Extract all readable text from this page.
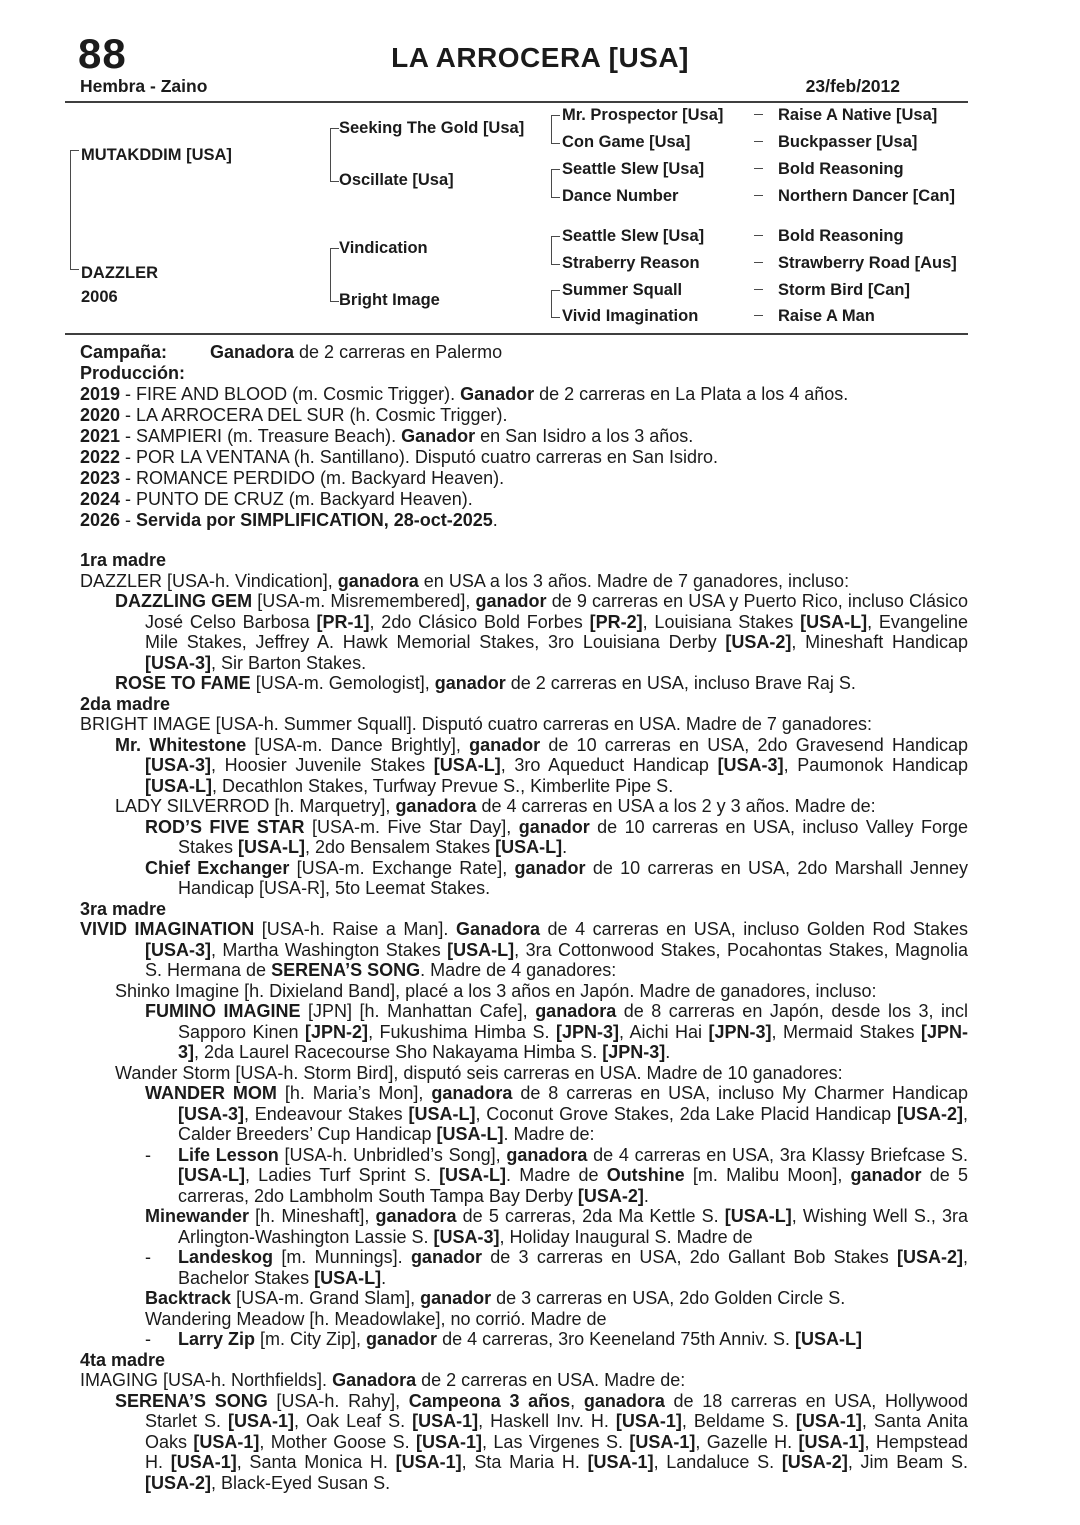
88	LA ARROCERA [USA]
Hembra - Zaino	23/feb/2012
MUTAKDDIM [USA]
DAZZLER
2006
Seeking The Gold [Usa]
Oscillate [Usa]
Vindication
Bright Image
Mr. Prospector [Usa]
Con Game [Usa]
Seattle Slew [Usa]
Dance Number
Seattle Slew [Usa]
Straberry Reason
Summer Squall
Vivid Imagination
Raise A Native [Usa]
Buckpasser [Usa]
Bold Reasoning
Northern Dancer [Can]
Bold Reasoning
Strawberry Road [Aus]
Storm Bird [Can]
Raise A Man
Campaña: Ganadora de 2 carreras en Palermo
Producción:
2019 - FIRE AND BLOOD (m. Cosmic Trigger). Ganador de 2 carreras en La Plata a los 4 años.
2020 - LA ARROCERA DEL SUR (h. Cosmic Trigger).
2021 - SAMPIERI (m. Treasure Beach). Ganador en San Isidro a los 3 años.
2022 - POR LA VENTANA (h. Santillano). Disputó cuatro carreras en San Isidro.
2023 - ROMANCE PERDIDO (m. Backyard Heaven).
2024 - PUNTO DE CRUZ (m. Backyard Heaven).
2026 - Servida por SIMPLIFICATION, 28-oct-2025.
1ra madre
DAZZLER [USA-h. Vindication], ganadora en USA a los 3 años. Madre de 7 ganadores, incluso:
DAZZLING GEM [USA-m. Misremembered], ganador de 9 carreras en USA y Puerto Rico, incluso Clásico José Celso Barbosa [PR-1], 2do Clásico Bold Forbes [PR-2], Louisiana Stakes [USA-L], Evangeline Mile Stakes, Jeffrey A. Hawk Memorial Stakes, 3ro Louisiana Derby [USA-2], Mineshaft Handicap [USA-3], Sir Barton Stakes.
ROSE TO FAME [USA-m. Gemologist], ganador de 2 carreras en USA, incluso Brave Raj S.
2da madre
BRIGHT IMAGE [USA-h. Summer Squall]. Disputó cuatro carreras en USA. Madre de 7 ganadores:
Mr. Whitestone [USA-m. Dance Brightly], ganador de 10 carreras en USA, 2do Gravesend Handicap [USA-3], Hoosier Juvenile Stakes [USA-L], 3ro Aqueduct Handicap [USA-3], Paumonok Handicap [USA-L], Decathlon Stakes, Turfway Prevue S., Kimberlite Pipe S.
LADY SILVERROD [h. Marquetry], ganadora de 4 carreras en USA a los 2 y 3 años. Madre de:
ROD’S FIVE STAR [USA-m. Five Star Day], ganador de 10 carreras en USA, incluso Valley Forge Stakes [USA-L], 2do Bensalem Stakes [USA-L].
Chief Exchanger [USA-m. Exchange Rate], ganador de 10 carreras en USA, 2do Marshall Jenney Handicap [USA-R], 5to Leemat Stakes.
3ra madre
VIVID IMAGINATION [USA-h. Raise a Man]. Ganadora de 4 carreras en USA, incluso Golden Rod Stakes [USA-3], Martha Washington Stakes [USA-L], 3ra Cottonwood Stakes, Pocahontas Stakes, Magnolia S. Hermana de SERENA’S SONG. Madre de 4 ganadores:
Shinko Imagine [h. Dixieland Band], placé a los 3 años en Japón. Madre de ganadores, incluso:
FUMINO IMAGINE [JPN] [h. Manhattan Cafe], ganadora de 8 carreras en Japón, desde los 3, incl Sapporo Kinen [JPN-2], Fukushima Himba S. [JPN-3], Aichi Hai [JPN-3], Mermaid Stakes [JPN-3], 2da Laurel Racecourse Sho Nakayama Himba S. [JPN-3].
Wander Storm [USA-h. Storm Bird], disputó seis carreras en USA. Madre de 10 ganadores:
WANDER MOM [h. Maria’s Mon], ganadora de 8 carreras en USA, incluso My Charmer Handicap [USA-3], Endeavour Stakes [USA-L], Coconut Grove Stakes, 2da Lake Placid Handicap [USA-2], Calder Breeders’ Cup Handicap [USA-L]. Madre de:
- Life Lesson [USA-h. Unbridled’s Song], ganadora de 4 carreras en USA, 3ra Klassy Briefcase S. [USA-L], Ladies Turf Sprint S. [USA-L]. Madre de Outshine [m. Malibu Moon], ganador de 5 carreras, 2do Lambholm South Tampa Bay Derby [USA-2].
Minewander [h. Mineshaft], ganadora de 5 carreras, 2da Ma Kettle S. [USA-L], Wishing Well S., 3ra Arlington-Washington Lassie S. [USA-3], Holiday Inaugural S. Madre de
- Landeskog [m. Munnings]. ganador de 3 carreras en USA, 2do Gallant Bob Stakes [USA-2], Bachelor Stakes [USA-L].
Backtrack [USA-m. Grand Slam], ganador de 3 carreras en USA, 2do Golden Circle S.
Wandering Meadow [h. Meadowlake], no corrió. Madre de
- Larry Zip [m. City Zip], ganador de 4 carreras, 3ro Keeneland 75th Anniv. S. [USA-L]
4ta madre
IMAGING [USA-h. Northfields]. Ganadora de 2 carreras en USA. Madre de:
SERENA’S SONG [USA-h. Rahy], Campeona 3 años, ganadora de 18 carreras en USA, Hollywood Starlet S. [USA-1], Oak Leaf S. [USA-1], Haskell Inv. H. [USA-1], Beldame S. [USA-1], Santa Anita Oaks [USA-1], Mother Goose S. [USA-1], Las Virgenes S. [USA-1], Gazelle H. [USA-1], Hempstead H. [USA-1], Santa Monica H. [USA-1], Sta Maria H. [USA-1], Landaluce S. [USA-2], Jim Beam S. [USA-2], Black-Eyed Susan S.
